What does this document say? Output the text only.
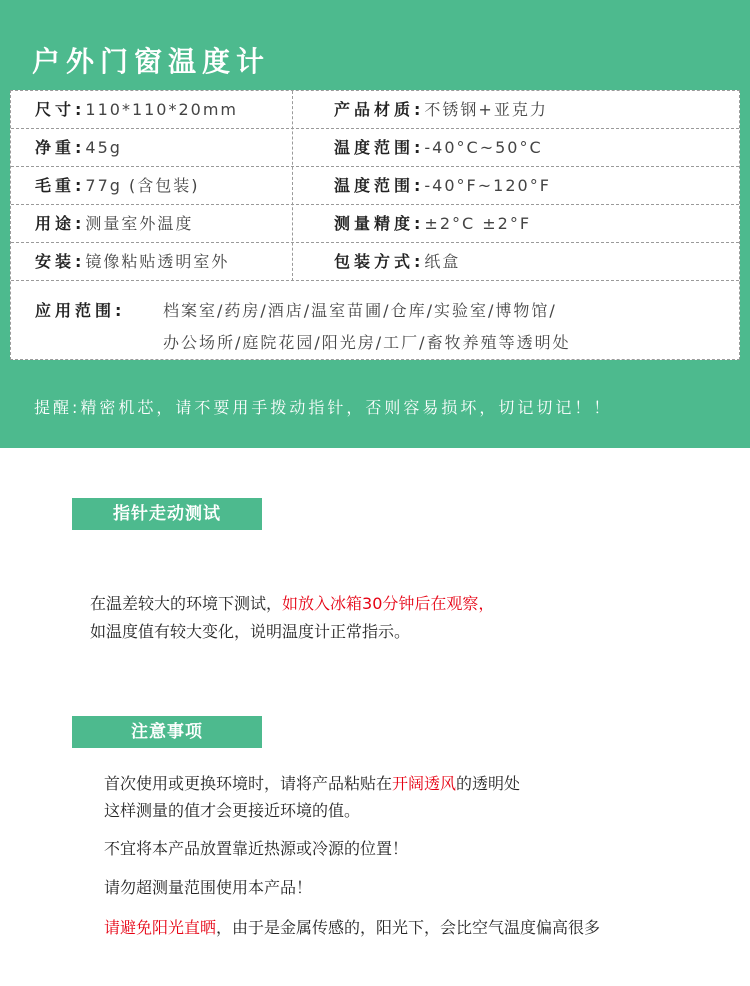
户外门窗温度计
尺寸:110*110*20mm	产品材质:不锈钢+亚克力
净重:45g	温度范围:-40°C~50°C
毛重:77g (含包装)	温度范围:-40°F~120°F
用途:测量室外温度	测量精度:±2°C ±2°F
安装:镜像粘贴透明室外	包装方式:纸盒
应用范围: 档案室/药房/酒店/温室苗圃/仓库/实验室/博物馆/
办公场所/庭院花园/阳光房/工厂/畜牧养殖等透明处
提醒:精密机芯，请不要用手拨动指针，否则容易损坏，切记切记！！
指针走动测试
在温差较大的环境下测试，如放入冰箱30分钟后在观察，
如温度值有较大变化，说明温度计正常指示。
注意事项
首次使用或更换环境时，请将产品粘贴在开阔透风的透明处
这样测量的值才会更接近环境的值。
不宜将本产品放置靠近热源或冷源的位置！
请勿超测量范围使用本产品！
请避免阳光直晒，由于是金属传感的，阳光下，会比空气温度偏高很多
